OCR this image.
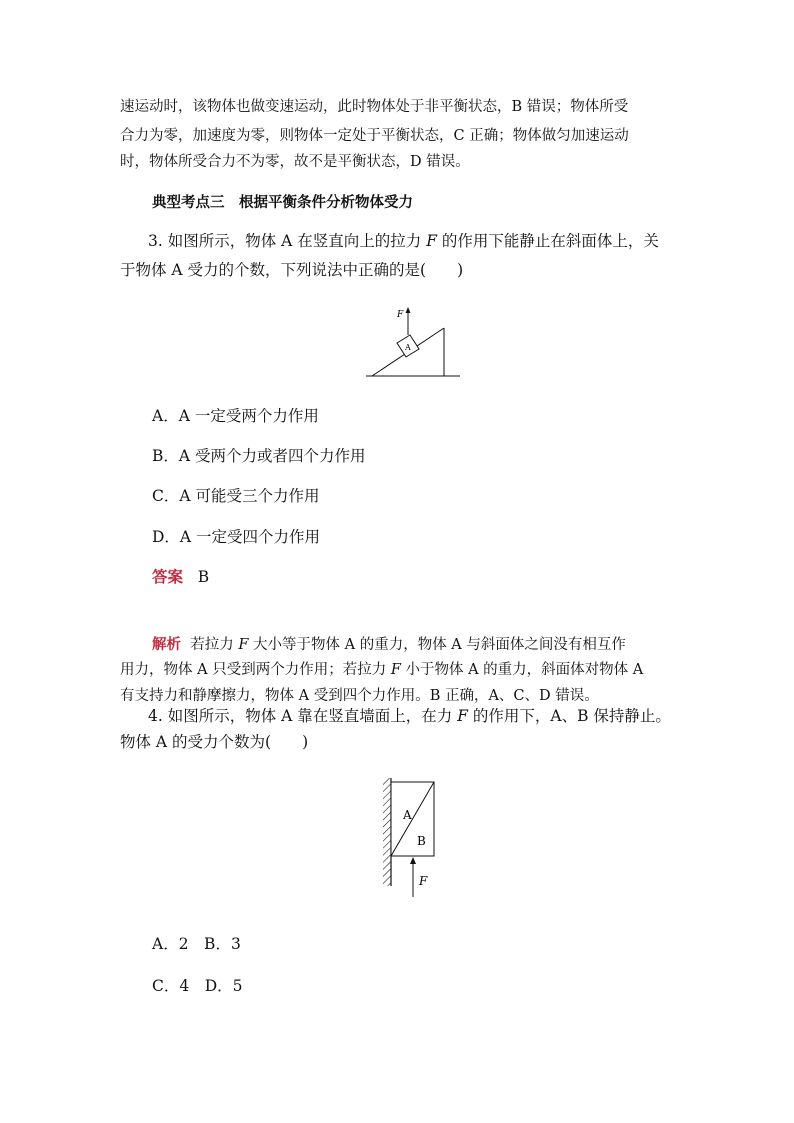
速运动时，该物体也做变速运动，此时物体处于非平衡状态，B 错误；物体所受
合力为零，加速度为零，则物体一定处于平衡状态，C 正确；物体做匀加速运动
时，物体所受合力不为零，故不是平衡状态，D 错误。
典型考点三　根据平衡条件分析物体受力
3. 如图所示，物体 A 在竖直向上的拉力 F 的作用下能静止在斜面体上，关
于物体 A 受力的个数，下列说法中正确的是(　　)
F
A
A．A 一定受两个力作用
B．A 受两个力或者四个力作用
C．A 可能受三个力作用
D．A 一定受四个力作用
答案 B
解析 若拉力 F 大小等于物体 A 的重力，物体 A 与斜面体之间没有相互作
用力，物体 A 只受到两个力作用；若拉力 F 小于物体 A 的重力，斜面体对物体 A
有支持力和静摩擦力，物体 A 受到四个力作用。B 正确，A、C、D 错误。
4. 如图所示，物体 A 靠在竖直墙面上，在力 F 的作用下，A、B 保持静止。
物体 A 的受力个数为(　　)
A
B
F
A．2　B．3
C．4　D．5
